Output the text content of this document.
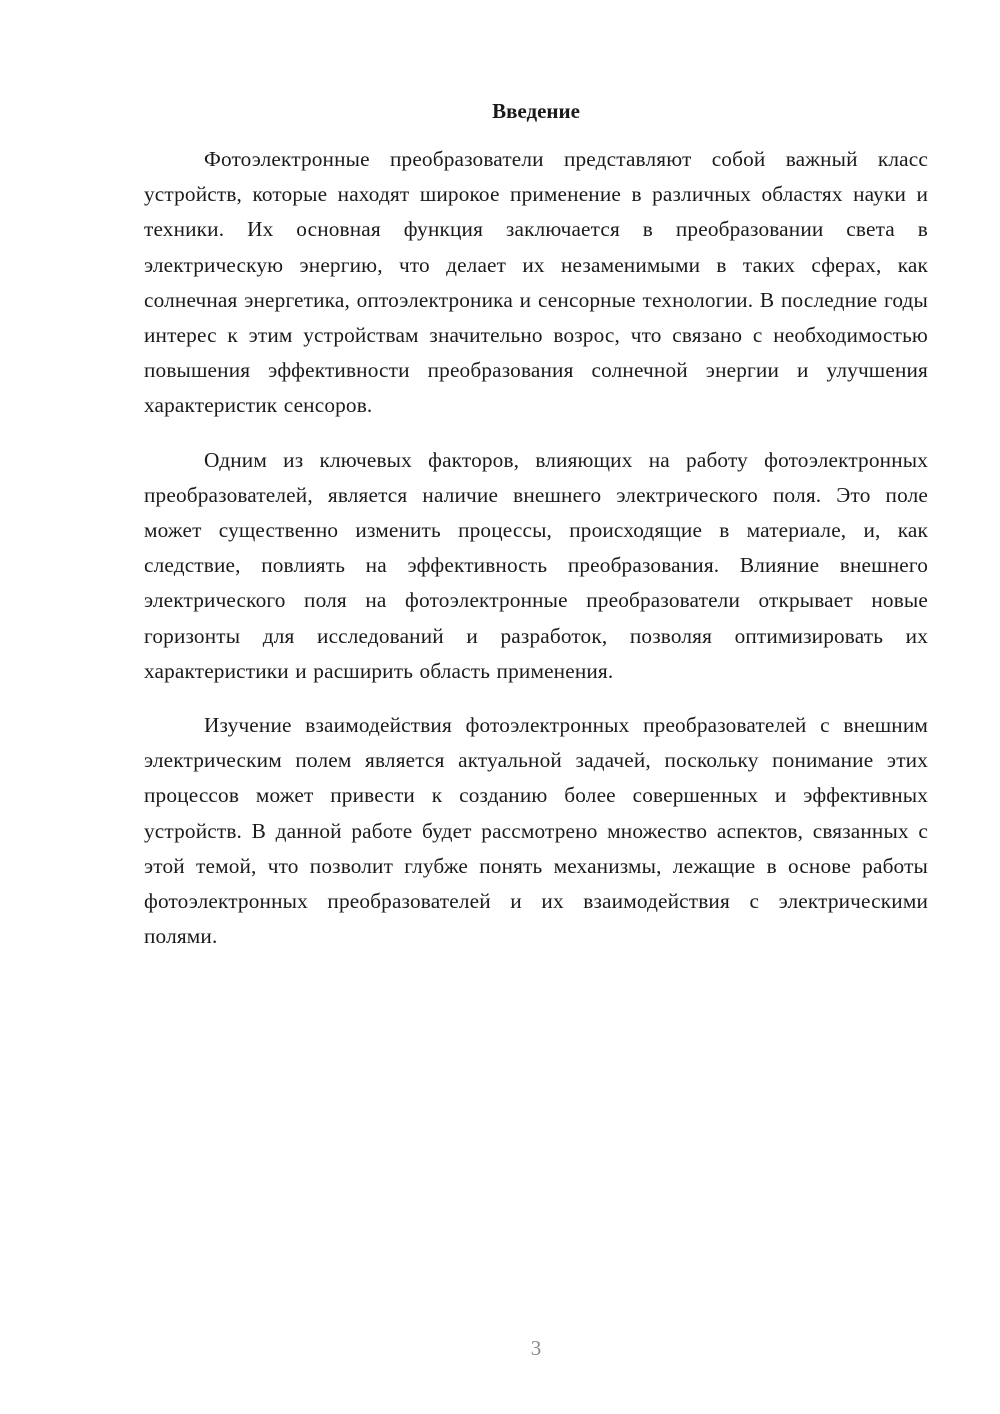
Введение

Фотоэлектронные преобразователи представляют собой важный класс устройств, которые находят широкое применение в различных областях науки и техники. Их основная функция заключается в преобразовании света в электрическую энергию, что делает их незаменимыми в таких сферах, как солнечная энергетика, оптоэлектроника и сенсорные технологии. В последние годы интерес к этим устройствам значительно возрос, что связано с необходимостью повышения эффективности преобразования солнечной энергии и улучшения характеристик сенсоров.

Одним из ключевых факторов, влияющих на работу фотоэлектронных преобразователей, является наличие внешнего электрического поля. Это поле может существенно изменить процессы, происходящие в материале, и, как следствие, повлиять на эффективность преобразования. Влияние внешнего электрического поля на фотоэлектронные преобразователи открывает новые горизонты для исследований и разработок, позволяя оптимизировать их характеристики и расширить область применения.

Изучение взаимодействия фотоэлектронных преобразователей с внешним электрическим полем является актуальной задачей, поскольку понимание этих процессов может привести к созданию более совершенных и эффективных устройств. В данной работе будет рассмотрено множество аспектов, связанных с этой темой, что позволит глубже понять механизмы, лежащие в основе работы фотоэлектронных преобразователей и их взаимодействия с электрическими полями.

3
